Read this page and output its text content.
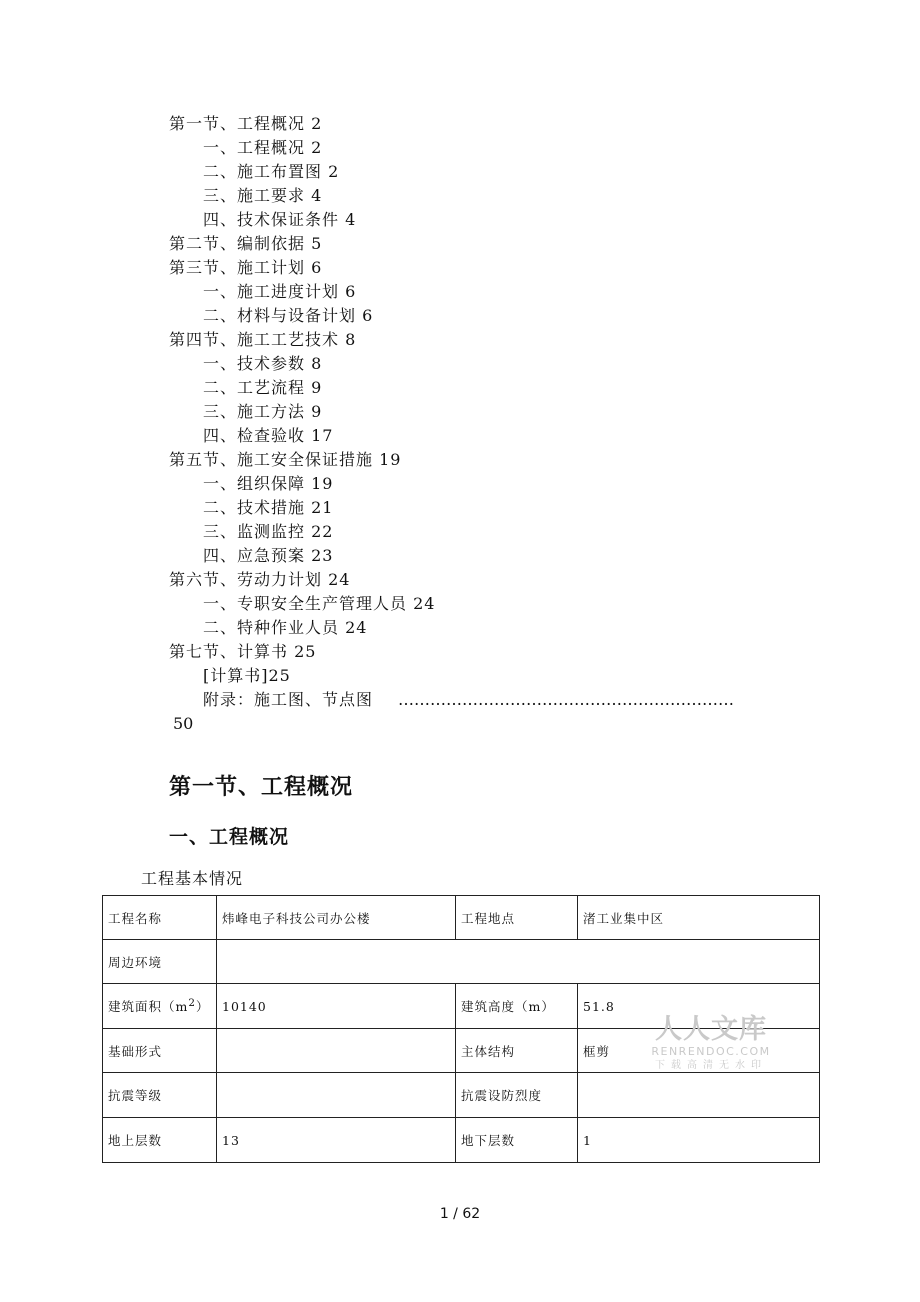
第一节、工程概况 2
一、工程概况 2
二、施工布置图 2
三、施工要求 4
四、技术保证条件 4
第二节、编制依据 5
第三节、施工计划 6
一、施工进度计划 6
二、材料与设备计划 6
第四节、施工工艺技术 8
一、技术参数 8
二、工艺流程 9
三、施工方法 9
四、检查验收 17
第五节、施工安全保证措施 19
一、组织保障 19
二、技术措施 21
三、监测监控 22
四、应急预案 23
第六节、劳动力计划 24
一、专职安全生产管理人员 24
二、特种作业人员 24
第七节、计算书 25
[计算书]25
附录：施工图、节点图 ………………………………………………………
50
第一节、工程概况
一、工程概况
工程基本情况
工程名称	炜峰电子科技公司办公楼	工程地点	渚工业集中区
周边环境			
建筑面积$(m^2)$	10140	建筑高度（m）	51.8
基础形式		主体结构	框剪
抗震等级		抗震设防烈度	
地上层数	13	地下层数	1
人人文库
RENRENDOC.COM
下载高清无水印
1 / 62
